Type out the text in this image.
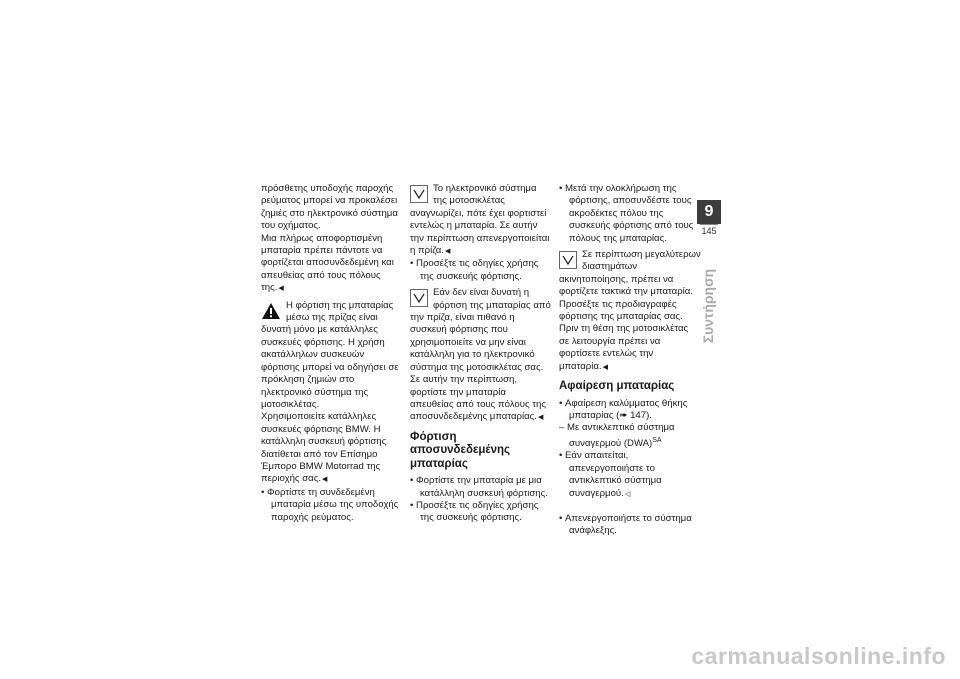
πρόσθετης υποδοχής παροχής ρεύματος μπορεί να προκαλέσει ζημιές στο ηλεκτρονικό σύστημα του οχήματος.

Μια πλήρως αποφορτισμένη μπαταρία πρέπει πάντοτε να φορτίζεται αποσυνδεδεμένη και απευθείας από τους πόλους της. ◀

Η φόρτιση της μπαταρίας μέσω της πρίζας είναι δυνατή μόνο με κατάλληλες συσκευές φόρτισης. Η χρήση ακατάλληλων συσκευών φόρτισης μπορεί να οδηγήσει σε πρόκληση ζημιών στο ηλεκτρονικό σύστημα της μοτοσικλέτας.

Χρησιμοποιείτε κατάλληλες συσκευές φόρτισης BMW. Η κατάλληλη συσκευή φόρτισης διατίθεται από τον Επίσημο Έμπορο BMW Motorrad της περιοχής σας. ◀

• Φορτίστε τη συνδεδεμένη μπαταρία μέσω της υποδοχής παροχής ρεύματος.

Το ηλεκτρονικό σύστημα της μοτοσικλέτας αναγνωρίζει, πότε έχει φορτιστεί εντελώς η μπαταρία. Σε αυτήν την περίπτωση απενεργοποιείται η πρίζα. ◀

• Προσέξτε τις οδηγίες χρήσης της συσκευής φόρτισης.

Εάν δεν είναι δυνατή η φόρτιση της μπαταρίας από την πρίζα, είναι πιθανό η συσκευή φόρτισης που χρησιμοποιείτε να μην είναι κατάλληλη για το ηλεκτρονικό σύστημα της μοτοσικλέτας σας. Σε αυτήν την περίπτωση, φορτίστε την μπαταρία απευθείας από τους πόλους της αποσυνδεδεμένης μπαταρίας. ◀

Φόρτιση αποσυνδεδεμένης μπαταρίας

• Φορτίστε την μπαταρία με μια κατάλληλη συσκευή φόρτισης.

• Προσέξτε τις οδηγίες χρήσης της συσκευής φόρτισης.

• Μετά την ολοκλήρωση της φόρτισης, αποσυνδέστε τους ακροδέκτες πόλου της συσκευής φόρτισης από τους πόλους της μπαταρίας.

Σε περίπτωση μεγαλύτερων διαστημάτων ακινητοποίησης, πρέπει να φορτίζετε τακτικά την μπαταρία. Προσέξτε τις προδιαγραφές φόρτισης της μπαταρίας σας. Πριν τη θέση της μοτοσικλέτας σε λειτουργία πρέπει να φορτίσετε εντελώς την μπαταρία. ◀

Αφαίρεση μπαταρίας

• Αφαίρεση καλύμματος θήκης μπαταρίας (➠ 147).

– Με αντικλεπτικό σύστημα συναγερμού (DWA)$^{SA}$

• Εάν απαιτείται, απενεργοποιήστε το αντικλεπτικό σύστημα συναγερμού. ◁

• Απενεργοποιήστε το σύστημα ανάφλεξης.

9
145
Συντήρηση
carmanualsonline.info
